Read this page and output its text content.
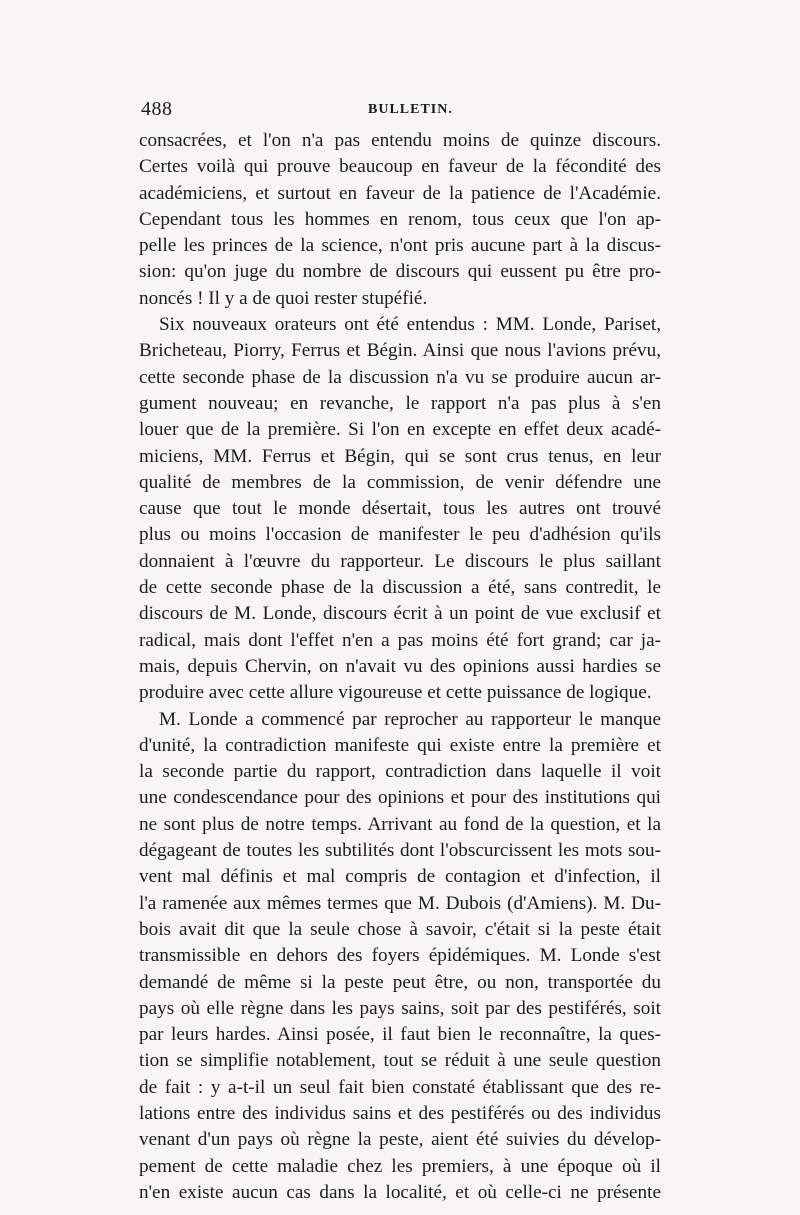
488	BULLETIN.
consacrées, et l'on n'a pas entendu moins de quinze discours.
Certes voilà qui prouve beaucoup en faveur de la fécondité des
académiciens, et surtout en faveur de la patience de l'Académie.
Cependant tous les hommes en renom, tous ceux que l'on ap-
pelle les princes de la science, n'ont pris aucune part à la discus-
sion: qu'on juge du nombre de discours qui eussent pu être pro-
noncés ! Il y a de quoi rester stupéfié.
Six nouveaux orateurs ont été entendus : MM. Londe, Pariset,
Bricheteau, Piorry, Ferrus et Bégin. Ainsi que nous l'avions prévu,
cette seconde phase de la discussion n'a vu se produire aucun ar-
gument nouveau; en revanche, le rapport n'a pas plus à s'en
louer que de la première. Si l'on en excepte en effet deux acadé-
miciens, MM. Ferrus et Bégin, qui se sont crus tenus, en leur
qualité de membres de la commission, de venir défendre une
cause que tout le monde désertait, tous les autres ont trouvé
plus ou moins l'occasion de manifester le peu d'adhésion qu'ils
donnaient à l'œuvre du rapporteur. Le discours le plus saillant
de cette seconde phase de la discussion a été, sans contredit, le
discours de M. Londe, discours écrit à un point de vue exclusif et
radical, mais dont l'effet n'en a pas moins été fort grand; car ja-
mais, depuis Chervin, on n'avait vu des opinions aussi hardies se
produire avec cette allure vigoureuse et cette puissance de logique.
M. Londe a commencé par reprocher au rapporteur le manque
d'unité, la contradiction manifeste qui existe entre la première et
la seconde partie du rapport, contradiction dans laquelle il voit
une condescendance pour des opinions et pour des institutions qui
ne sont plus de notre temps. Arrivant au fond de la question, et la
dégageant de toutes les subtilités dont l'obscurcissent les mots sou-
vent mal définis et mal compris de contagion et d'infection, il
l'a ramenée aux mêmes termes que M. Dubois (d'Amiens). M. Du-
bois avait dit que la seule chose à savoir, c'était si la peste était
transmissible en dehors des foyers épidémiques. M. Londe s'est
demandé de même si la peste peut être, ou non, transportée du
pays où elle règne dans les pays sains, soit par des pestiférés, soit
par leurs hardes. Ainsi posée, il faut bien le reconnaître, la ques-
tion se simplifie notablement, tout se réduit à une seule question
de fait : y a-t-il un seul fait bien constaté établissant que des re-
lations entre des individus sains et des pestiférés ou des individus
venant d'un pays où règne la peste, aient été suivies du dévelop-
pement de cette maladie chez les premiers, à une époque où il
n'en existe aucun cas dans la localité, et où celle-ci ne présente
